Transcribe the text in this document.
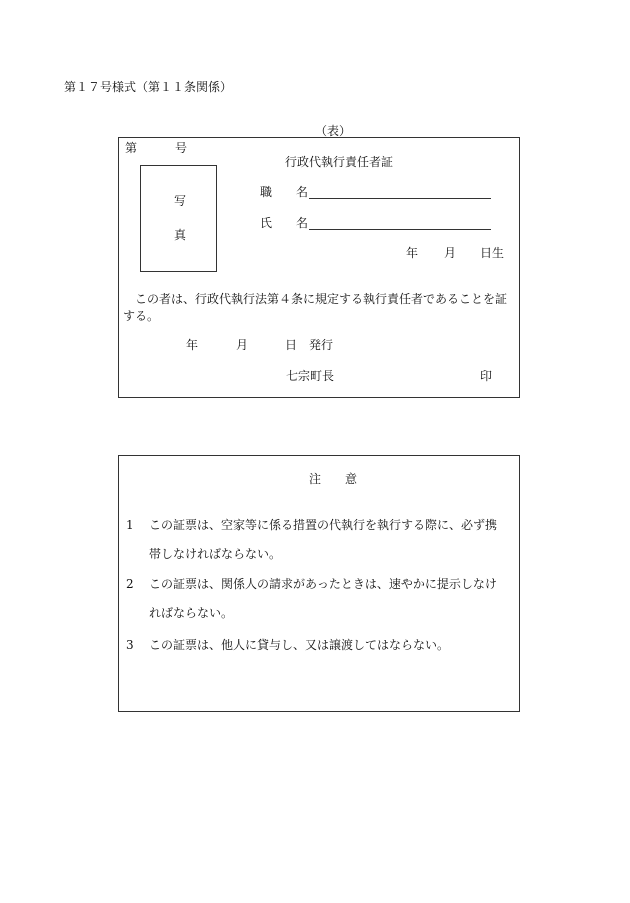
第１７号様式（第１１条関係）
（表）
第	号
行政代執行責任者証
写
真
職　　名
氏　　名
年 月 日生
この者は、行政代執行法第４条に規定する執行責任者であることを証する。
年	月	日 発行
七宗町長	印
注　　意
1 この証票は、空家等に係る措置の代執行を執行する際に、必ず携帯しなければならない。
2 この証票は、関係人の請求があったときは、速やかに提示しなければならない。
3 この証票は、他人に貸与し、又は譲渡してはならない。
